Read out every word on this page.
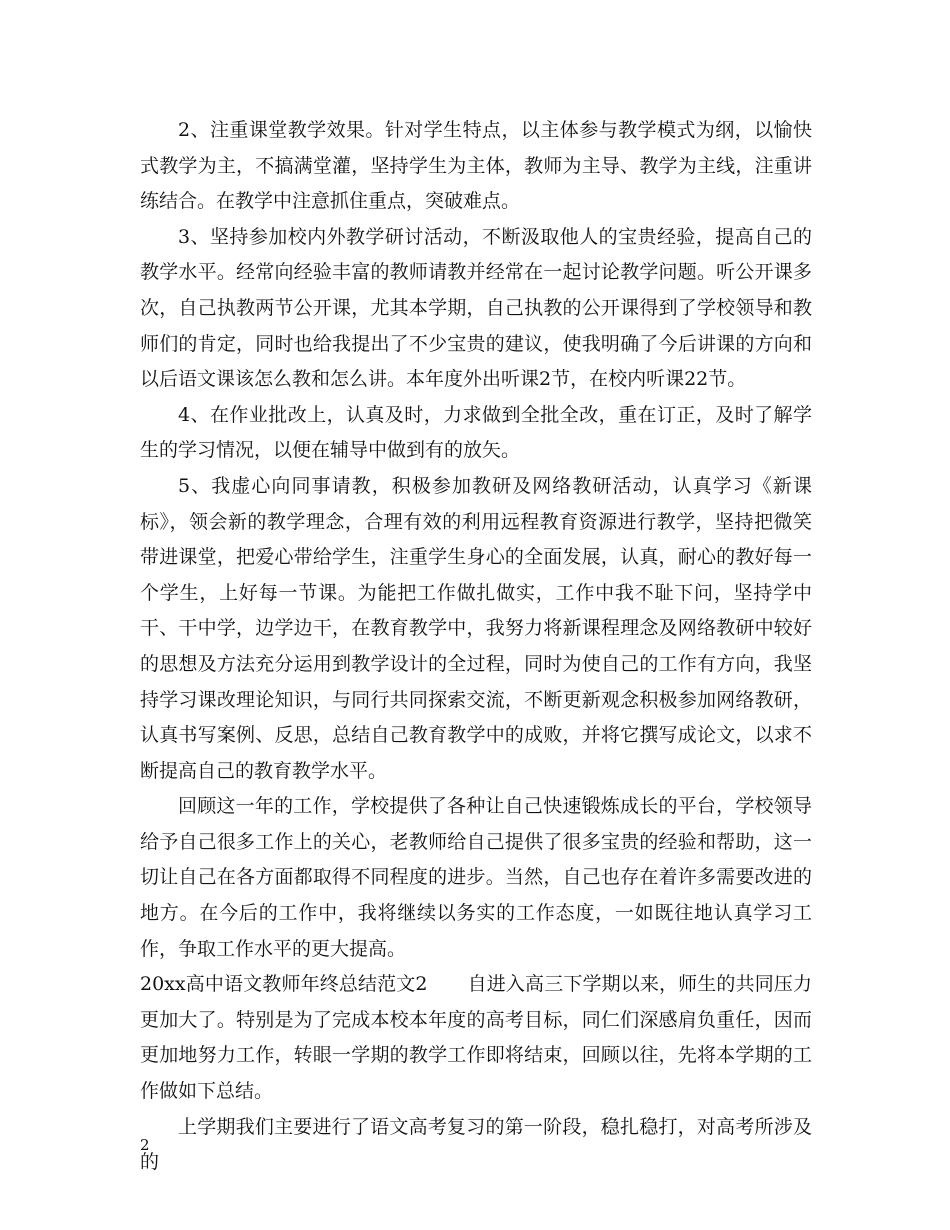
2、注重课堂教学效果。针对学生特点，以主体参与教学模式为纲，以愉快式教学为主，不搞满堂灌，坚持学生为主体，教师为主导、教学为主线，注重讲练结合。在教学中注意抓住重点，突破难点。

3、坚持参加校内外教学研讨活动，不断汲取他人的宝贵经验，提高自己的教学水平。经常向经验丰富的教师请教并经常在一起讨论教学问题。听公开课多次，自己执教两节公开课，尤其本学期，自己执教的公开课得到了学校领导和教师们的肯定，同时也给我提出了不少宝贵的建议，使我明确了今后讲课的方向和以后语文课该怎么教和怎么讲。本年度外出听课2节，在校内听课22节。

4、在作业批改上，认真及时，力求做到全批全改，重在订正，及时了解学生的学习情况，以便在辅导中做到有的放矢。

5、我虚心向同事请教，积极参加教研及网络教研活动，认真学习《新课标》，领会新的教学理念，合理有效的利用远程教育资源进行教学，坚持把微笑带进课堂，把爱心带给学生，注重学生身心的全面发展，认真，耐心的教好每一个学生，上好每一节课。为能把工作做扎做实，工作中我不耻下问，坚持学中干、干中学，边学边干，在教育教学中，我努力将新课程理念及网络教研中较好的思想及方法充分运用到教学设计的全过程，同时为使自己的工作有方向，我坚持学习课改理论知识，与同行共同探索交流，不断更新观念积极参加网络教研，认真书写案例、反思，总结自己教育教学中的成败，并将它撰写成论文，以求不断提高自己的教育教学水平。

回顾这一年的工作，学校提供了各种让自己快速锻炼成长的平台，学校领导给予自己很多工作上的关心，老教师给自己提供了很多宝贵的经验和帮助，这一切让自己在各方面都取得不同程度的进步。当然，自己也存在着许多需要改进的地方。在今后的工作中，我将继续以务实的工作态度，一如既往地认真学习工作，争取工作水平的更大提高。

20xx高中语文教师年终总结范文2 自进入高三下学期以来，师生的共同压力更加大了。特别是为了完成本校本年度的高考目标，同仁们深感肩负重任，因而更加地努力工作，转眼一学期的教学工作即将结束，回顾以往，先将本学期的工作做如下总结。

上学期我们主要进行了语文高考复习的第一阶段，稳扎稳打，对高考所涉及的

2
